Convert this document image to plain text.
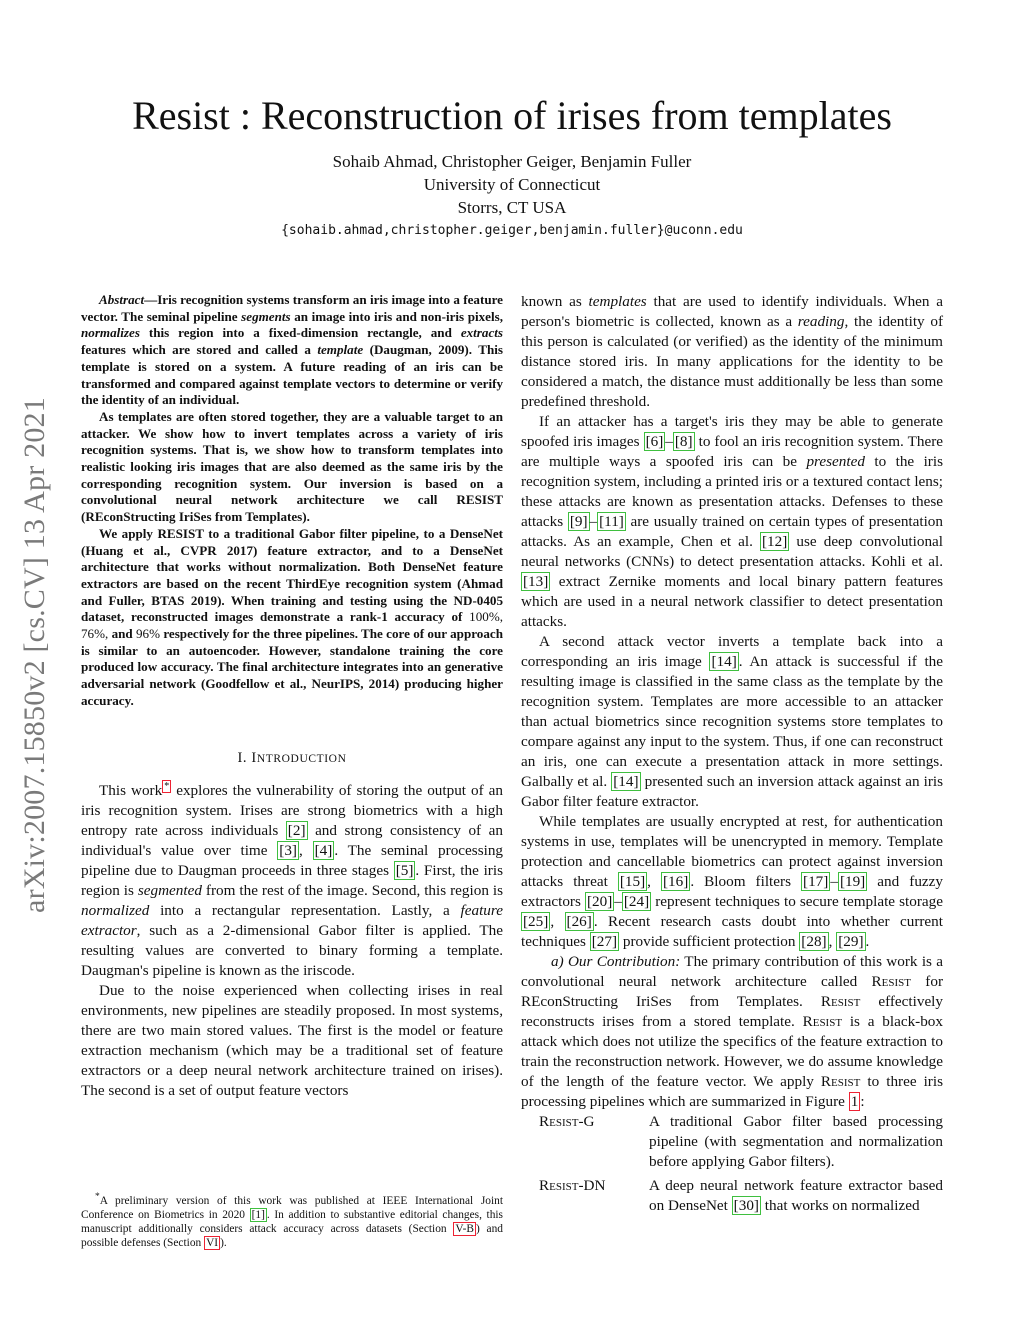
Resist : Reconstruction of irises from templates
Sohaib Ahmad, Christopher Geiger, Benjamin Fuller
University of Connecticut
Storrs, CT USA
{sohaib.ahmad,christopher.geiger,benjamin.fuller}@uconn.edu
arXiv:2007.15850v2 [cs.CV] 13 Apr 2021

Abstract—Iris recognition systems transform an iris image into a feature vector. The seminal pipeline segments an image into iris and non-iris pixels, normalizes this region into a fixed-dimension rectangle, and extracts features which are stored and called a template (Daugman, 2009). This template is stored on a system. A future reading of an iris can be transformed and compared against template vectors to determine or verify the identity of an individual.

As templates are often stored together, they are a valuable target to an attacker. We show how to invert templates across a variety of iris recognition systems. That is, we show how to transform templates into realistic looking iris images that are also deemed as the same iris by the corresponding recognition system. Our inversion is based on a convolutional neural network architecture we call RESIST (REconStructing IriSes from Templates).

We apply RESIST to a traditional Gabor filter pipeline, to a DenseNet (Huang et al., CVPR 2017) feature extractor, and to a DenseNet architecture that works without normalization. Both DenseNet feature extractors are based on the recent ThirdEye recognition system (Ahmad and Fuller, BTAS 2019). When training and testing using the ND-0405 dataset, reconstructed images demonstrate a rank-1 accuracy of 100%, 76%, and 96% respectively for the three pipelines. The core of our approach is similar to an autoencoder. However, standalone training the core produced low accuracy. The final architecture integrates into an generative adversarial network (Goodfellow et al., NeurIPS, 2014) producing higher accuracy.

I. INTRODUCTION

This work * explores the vulnerability of storing the output of an iris recognition system. Irises are strong biometrics with a high entropy rate across individuals [2] and strong consistency of an individual's value over time [3] , [4] . The seminal processing pipeline due to Daugman proceeds in three stages [5] . First, the iris region is segmented from the rest of the image. Second, this region is normalized into a rectangular representation. Lastly, a feature extractor, such as a 2-dimensional Gabor filter is applied. The resulting values are converted to binary forming a template. Daugman's pipeline is known as the iriscode.

Due to the noise experienced when collecting irises in real environments, new pipelines are steadily proposed. In most systems, there are two main stored values. The first is the model or feature extraction mechanism (which may be a traditional set of feature extractors or a deep neural network architecture trained on irises). The second is a set of output feature vectors

*A preliminary version of this work was published at IEEE International Joint Conference on Biometrics in 2020 [1] . In addition to substantive editorial changes, this manuscript additionally considers attack accuracy across datasets (Section V-B ) and possible defenses (Section VI ).

known as templates that are used to identify individuals. When a person's biometric is collected, known as a reading, the identity of this person is calculated (or verified) as the identity of the minimum distance stored iris. In many applications for the identity to be considered a match, the distance must additionally be less than some predefined threshold.

If an attacker has a target's iris they may be able to generate spoofed iris images [6] – [8] to fool an iris recognition system. There are multiple ways a spoofed iris can be presented to the iris recognition system, including a printed iris or a textured contact lens; these attacks are known as presentation attacks. Defenses to these attacks [9] – [11] are usually trained on certain types of presentation attacks. As an example, Chen et al. [12] use deep convolutional neural networks (CNNs) to detect presentation attacks. Kohli et al. [13] extract Zernike moments and local binary pattern features which are used in a neural network classifier to detect presentation attacks.

A second attack vector inverts a template back into a corresponding an iris image [14] . An attack is successful if the resulting image is classified in the same class as the template by the recognition system. Templates are more accessible to an attacker than actual biometrics since recognition systems store templates to compare against any input to the system. Thus, if one can reconstruct an iris, one can execute a presentation attack in more settings. Galbally et al. [14] presented such an inversion attack against an iris Gabor filter feature extractor.

While templates are usually encrypted at rest, for authentication systems in use, templates will be unencrypted in memory. Template protection and cancellable biometrics can protect against inversion attacks threat [15] , [16] . Bloom filters [17] – [19] and fuzzy extractors [20] – [24] represent techniques to secure template storage [25] , [26] . Recent research casts doubt into whether current techniques [27] provide sufficient protection [28] , [29] .

a) Our Contribution: The primary contribution of this work is a convolutional neural network architecture called Resist for REconStructing IriSes from Templates. Resist effectively reconstructs irises from a stored template. Resist is a black-box attack which does not utilize the specifics of the feature extraction to train the reconstruction network. However, we do assume knowledge of the length of the feature vector. We apply Resist to three iris processing pipelines which are summarized in Figure 1 :

Resist-G	A traditional Gabor filter based processing pipeline (with segmentation and normalization before applying Gabor filters).
Resist-DN	A deep neural network feature extractor based on DenseNet [30] that works on normalized
